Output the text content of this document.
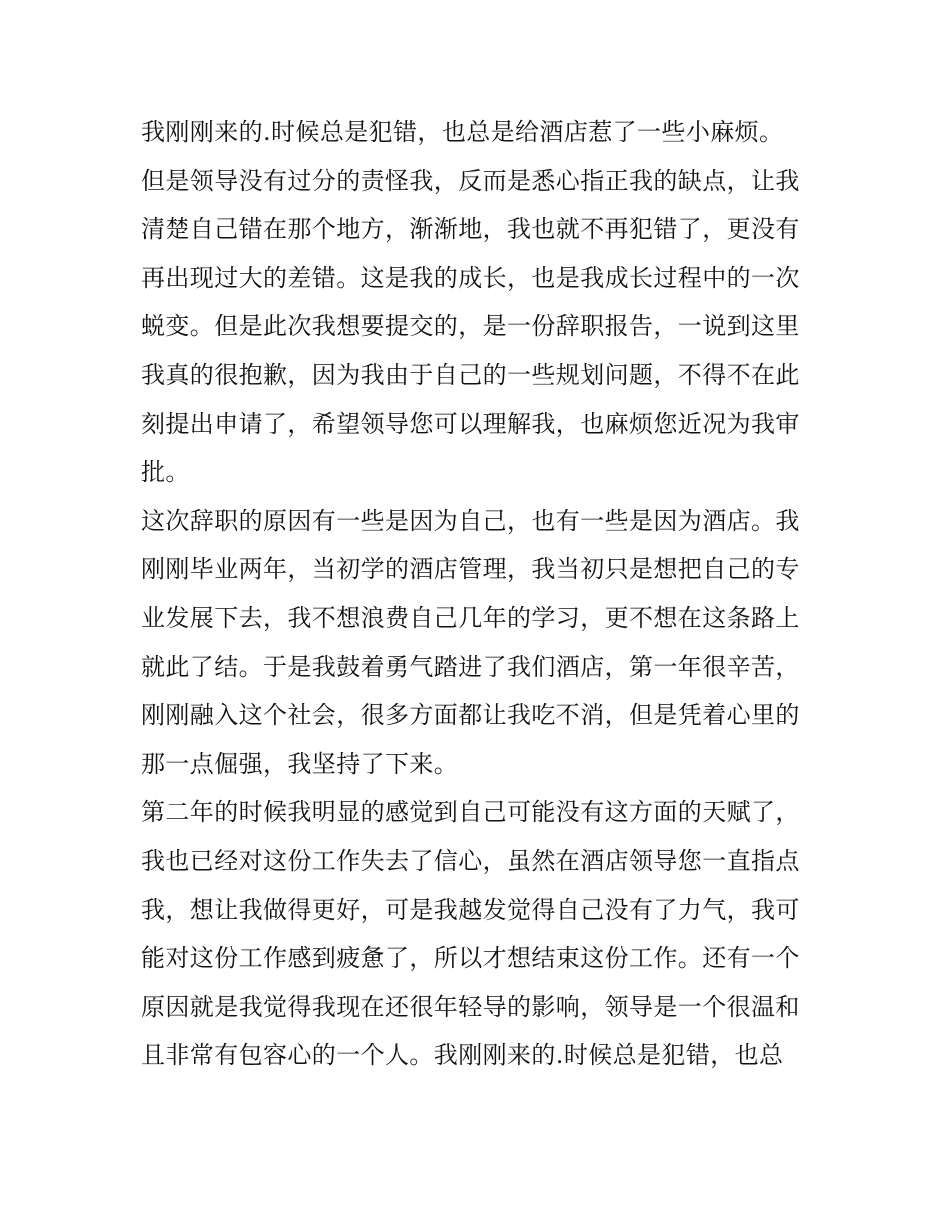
我刚刚来的.时候总是犯错，也总是给酒店惹了一些小麻烦。
但是领导没有过分的责怪我，反而是悉心指正我的缺点，让我
清楚自己错在那个地方，渐渐地，我也就不再犯错了，更没有
再出现过大的差错。这是我的成长，也是我成长过程中的一次
蜕变。但是此次我想要提交的，是一份辞职报告，一说到这里
我真的很抱歉，因为我由于自己的一些规划问题，不得不在此
刻提出申请了，希望领导您可以理解我，也麻烦您近况为我审
批。
这次辞职的原因有一些是因为自己，也有一些是因为酒店。我
刚刚毕业两年，当初学的酒店管理，我当初只是想把自己的专
业发展下去，我不想浪费自己几年的学习，更不想在这条路上
就此了结。于是我鼓着勇气踏进了我们酒店，第一年很辛苦，
刚刚融入这个社会，很多方面都让我吃不消，但是凭着心里的
那一点倔强，我坚持了下来。
第二年的时候我明显的感觉到自己可能没有这方面的天赋了，
我也已经对这份工作失去了信心，虽然在酒店领导您一直指点
我，想让我做得更好，可是我越发觉得自己没有了力气，我可
能对这份工作感到疲惫了，所以才想结束这份工作。还有一个
原因就是我觉得我现在还很年轻导的影响，领导是一个很温和
且非常有包容心的一个人。我刚刚来的.时候总是犯错，也总
